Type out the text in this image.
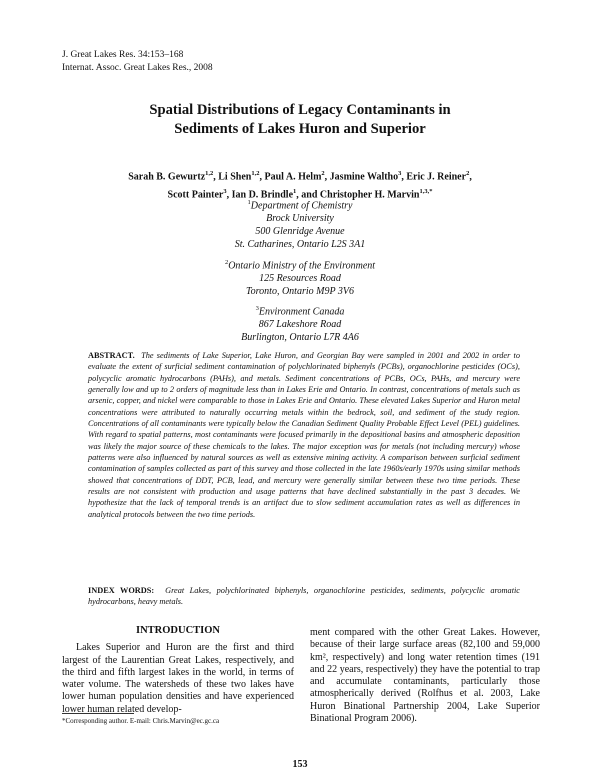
J. Great Lakes Res. 34:153–168
Internat. Assoc. Great Lakes Res., 2008
Spatial Distributions of Legacy Contaminants in
Sediments of Lakes Huron and Superior
Sarah B. Gewurtz$^{1,2}$, Li Shen$^{1,2}$, Paul A. Helm$^2$, Jasmine Waltho$^3$, Eric J. Reiner$^2$,
Scott Painter$^3$, Ian D. Brindle$^1$, and Christopher H. Marvin$^{1,3,*}$
$^1$Department of Chemistry
Brock University
500 Glenridge Avenue
St. Catharines, Ontario L2S 3A1
$^2$Ontario Ministry of the Environment
125 Resources Road
Toronto, Ontario M9P 3V6
$^3$Environment Canada
867 Lakeshore Road
Burlington, Ontario L7R 4A6
ABSTRACT. The sediments of Lake Superior, Lake Huron, and Georgian Bay were sampled in 2001 and 2002 in order to evaluate the extent of surficial sediment contamination of polychlorinated biphenyls (PCBs), organochlorine pesticides (OCs), polycyclic aromatic hydrocarbons (PAHs), and metals. Sediment concentrations of PCBs, OCs, PAHs, and mercury were generally low and up to 2 orders of magnitude less than in Lakes Erie and Ontario. In contrast, concentrations of metals such as arsenic, copper, and nickel were comparable to those in Lakes Erie and Ontario. These elevated Lakes Superior and Huron metal concentrations were attributed to naturally occurring metals within the bedrock, soil, and sediment of the study region. Concentrations of all contaminants were typically below the Canadian Sediment Quality Probable Effect Level (PEL) guidelines. With regard to spatial patterns, most contaminants were focused primarily in the depositional basins and atmospheric deposition was likely the major source of these chemicals to the lakes. The major exception was for metals (not including mercury) whose patterns were also influenced by natural sources as well as extensive mining activity. A comparison between surficial sediment contamination of samples collected as part of this survey and those collected in the late 1960s/early 1970s using similar methods showed that concentrations of DDT, PCB, lead, and mercury were generally similar between these two time periods. These results are not consistent with production and usage patterns that have declined substantially in the past 3 decades. We hypothesize that the lack of temporal trends is an artifact due to slow sediment accumulation rates as well as differences in analytical protocols between the two time periods.
INDEX WORDS: Great Lakes, polychlorinated biphenyls, organochlorine pesticides, sediments, polycyclic aromatic hydrocarbons, heavy metals.
INTRODUCTION
Lakes Superior and Huron are the first and third largest of the Laurentian Great Lakes, respectively, and the third and fifth largest lakes in the world, in terms of water volume. The watersheds of these two lakes have lower human population densities and have experienced lower human related develop-
ment compared with the other Great Lakes. However, because of their large surface areas (82,100 and 59,000 km², respectively) and long water retention times (191 and 22 years, respectively) they have the potential to trap and accumulate contaminants, particularly those atmospherically derived (Rolfhus et al. 2003, Lake Huron Binational Partnership 2004, Lake Superior Binational Program 2006).
*Corresponding author. E-mail: Chris.Marvin@ec.gc.ca
153
